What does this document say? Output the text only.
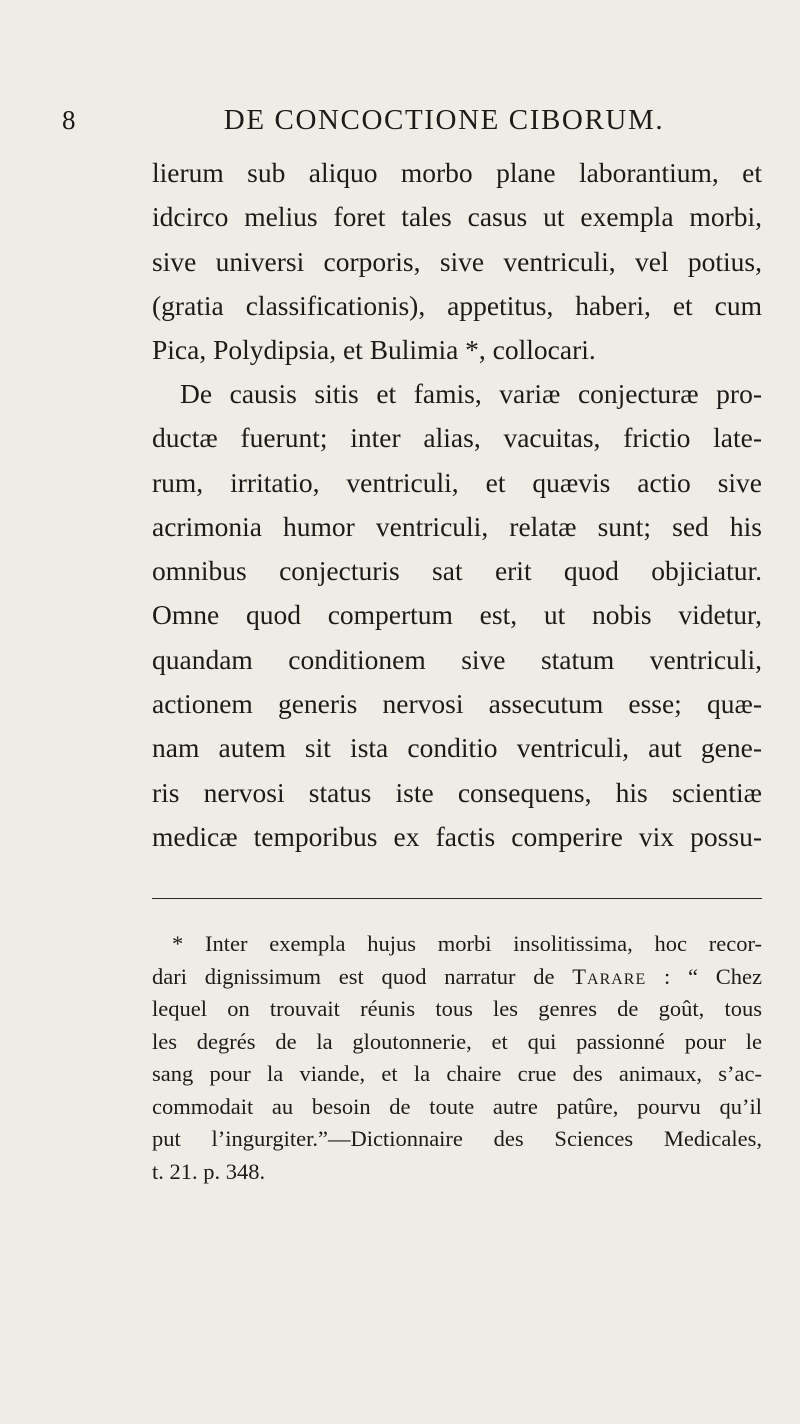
8	DE CONCOCTIONE CIBORUM.
lierum sub aliquo morbo plane laborantium, et
idcirco melius foret tales casus ut exempla morbi,
sive universi corporis, sive ventriculi, vel potius,
(gratia classificationis), appetitus, haberi, et cum
Pica, Polydipsia, et Bulimia *, collocari.
De causis sitis et famis, variæ conjecturæ pro-
ductæ fuerunt; inter alias, vacuitas, frictio late-
rum, irritatio, ventriculi, et quævis actio sive
acrimonia humor ventriculi, relatæ sunt; sed his
omnibus conjecturis sat erit quod objiciatur.
Omne quod compertum est, ut nobis videtur,
quandam conditionem sive statum ventriculi,
actionem generis nervosi assecutum esse; quæ-
nam autem sit ista conditio ventriculi, aut gene-
ris nervosi status iste consequens, his scientiæ
medicæ temporibus ex factis comperire vix possu-
* Inter exempla hujus morbi insolitissima, hoc recor-
dari dignissimum est quod narratur de Tarare : “ Chez
lequel on trouvait réunis tous les genres de goût, tous
les degrés de la gloutonnerie, et qui passionné pour le
sang pour la viande, et la chaire crue des animaux, s’ac-
commodait au besoin de toute autre patûre, pourvu qu’il
put l’ingurgiter.”—Dictionnaire des Sciences Medicales,
t. 21. p. 348.
